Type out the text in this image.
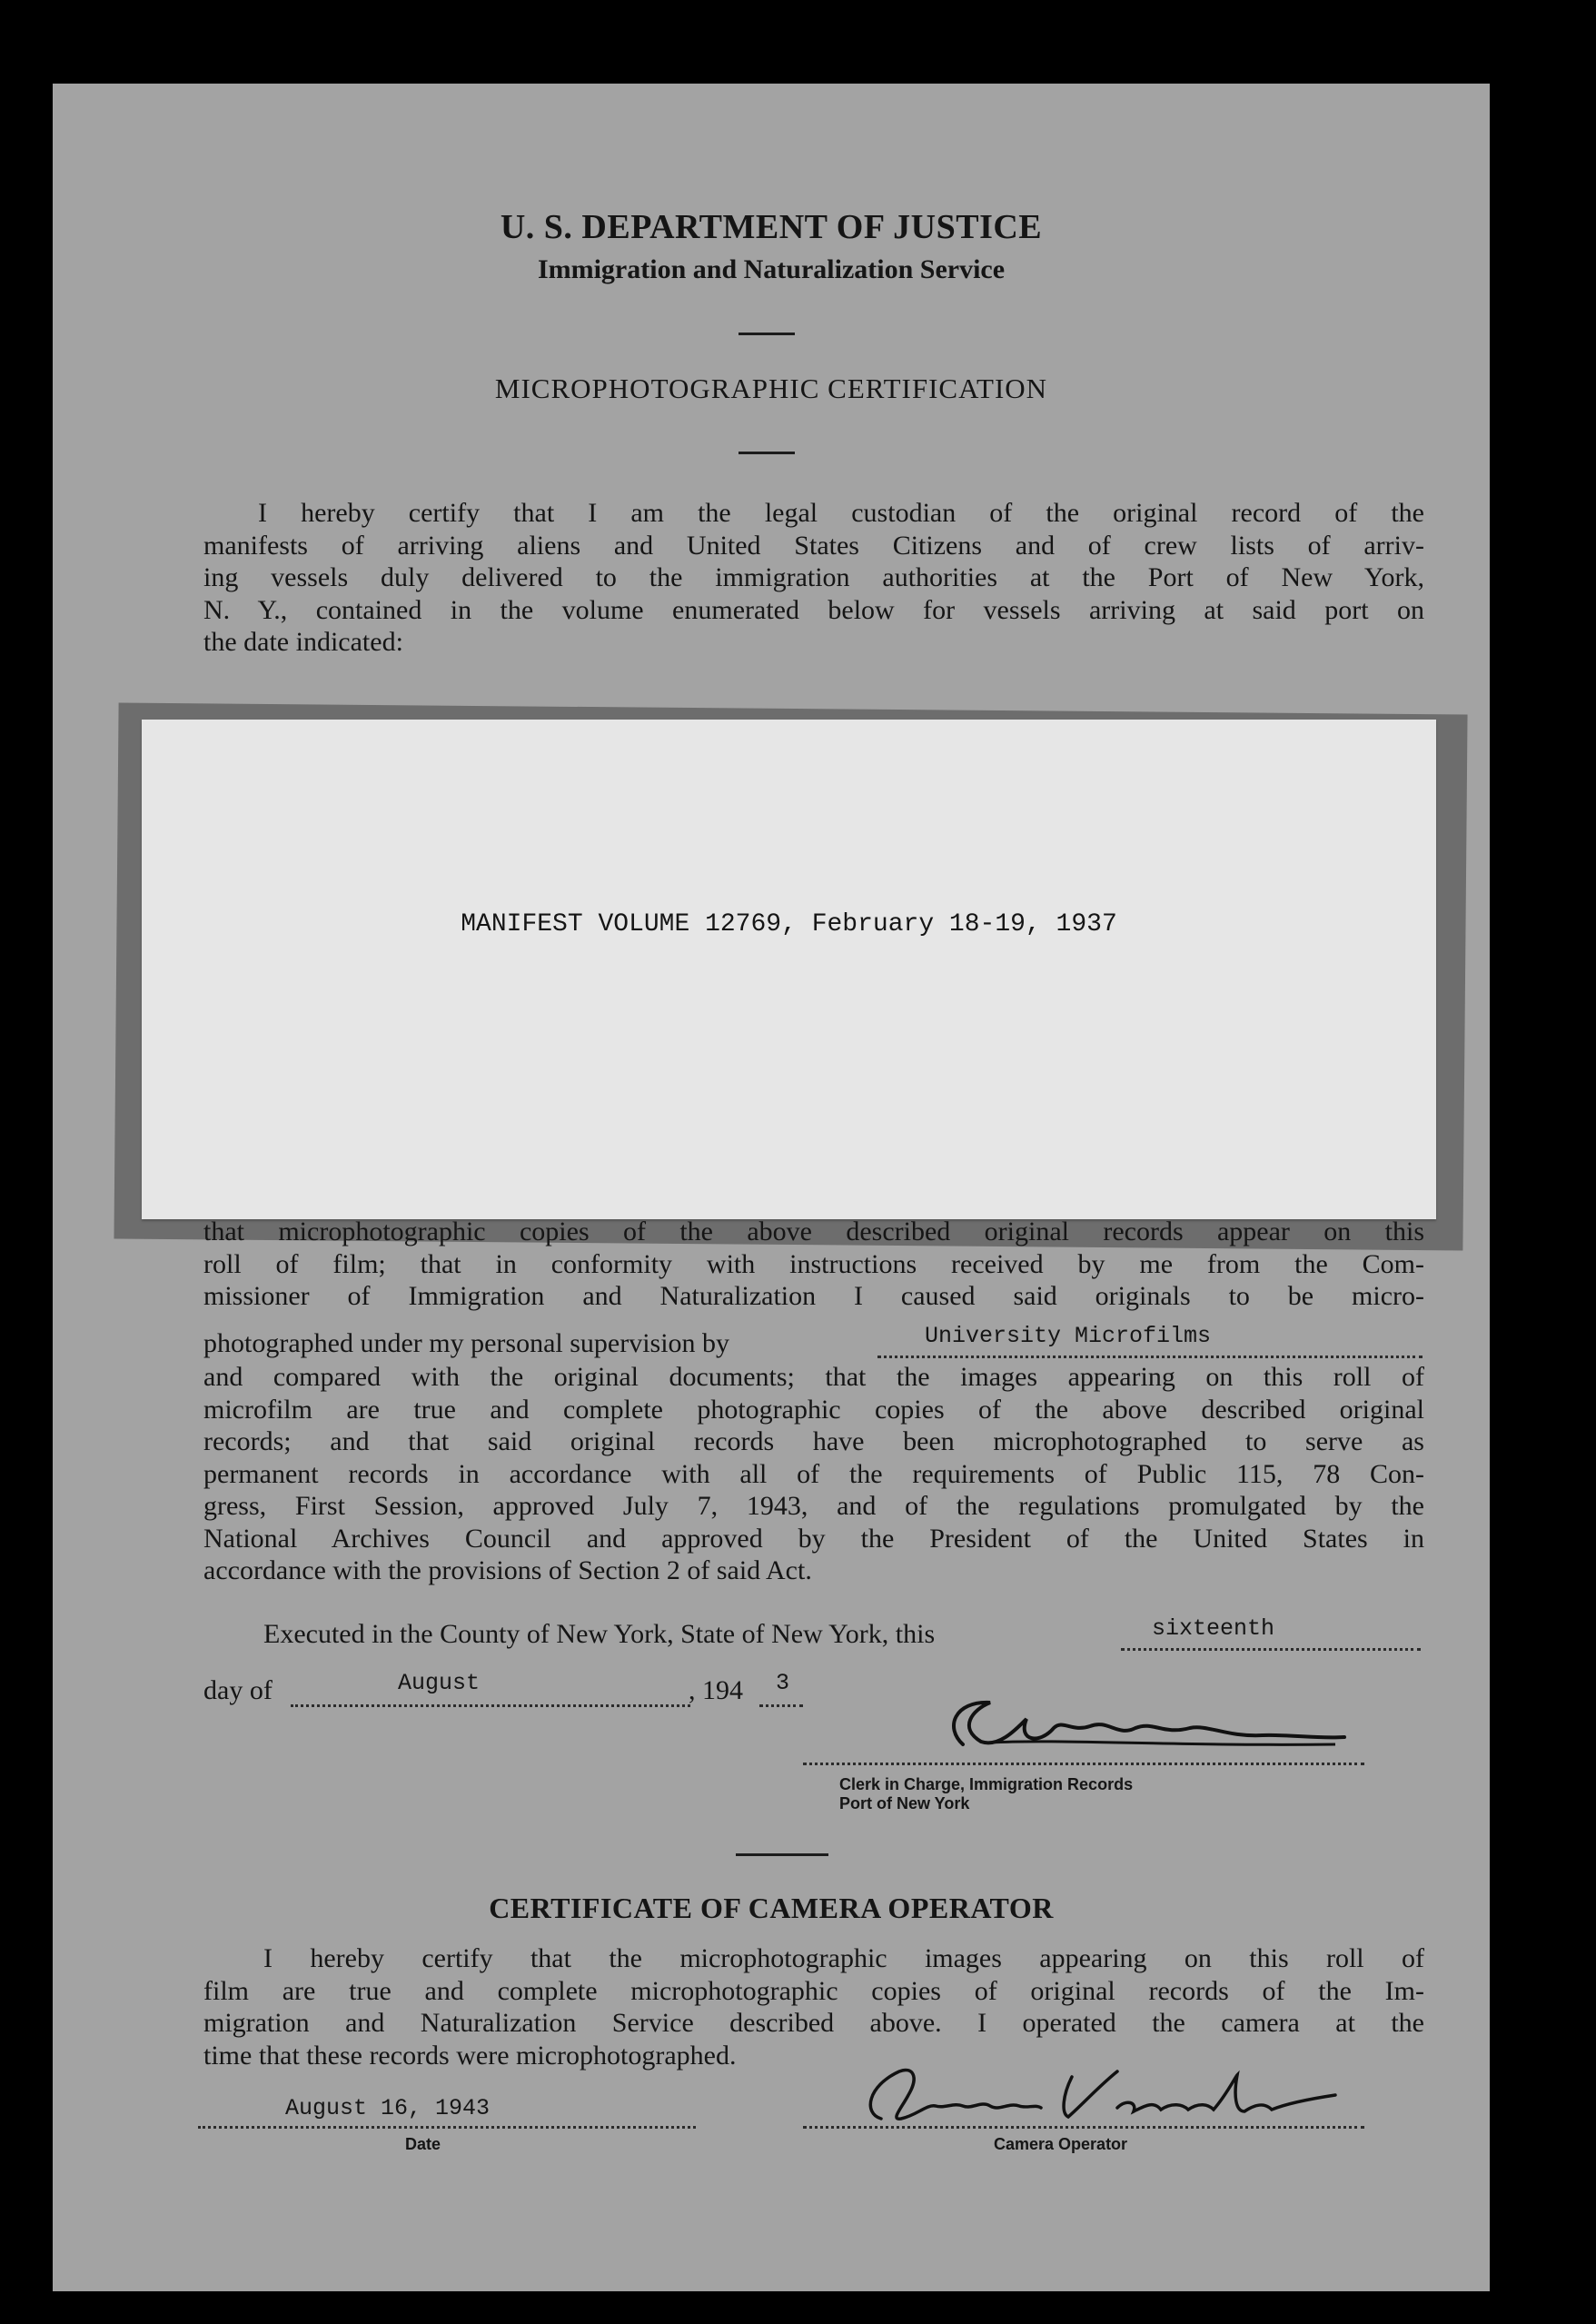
U. S. DEPARTMENT OF JUSTICE
Immigration and Naturalization Service
MICROPHOTOGRAPHIC CERTIFICATION
I hereby certify that I am the legal custodian of the original record of the
manifests of arriving aliens and United States Citizens and of crew lists of arriv-
ing vessels duly delivered to the immigration authorities at the Port of New York,
N. Y., contained in the volume enumerated below for vessels arriving at said port on
the date indicated:
MANIFEST VOLUME 12769, February 18-19, 1937
that microphotographic copies of the above described original records appear on this
roll of film; that in conformity with instructions received by me from the Com-
missioner of Immigration and Naturalization I caused said originals to be micro-
photographed under my personal supervision by	University Microfilms
and compared with the original documents; that the images appearing on this roll of
microfilm are true and complete photographic copies of the above described original
records; and that said original records have been microphotographed to serve as
permanent records in accordance with all of the requirements of Public 115, 78 Con-
gress, First Session, approved July 7, 1943, and of the regulations promulgated by the
National Archives Council and approved by the President of the United States in
accordance with the provisions of Section 2 of said Act.
Executed in the County of New York, State of New York, this	sixteenth
day of	August	, 194 3
Clerk in Charge, Immigration Records
Port of New York
CERTIFICATE OF CAMERA OPERATOR
I hereby certify that the microphotographic images appearing on this roll of
film are true and complete microphotographic copies of original records of the Im-
migration and Naturalization Service described above. I operated the camera at the
time that these records were microphotographed.
August 16, 1943
Date	Camera Operator
